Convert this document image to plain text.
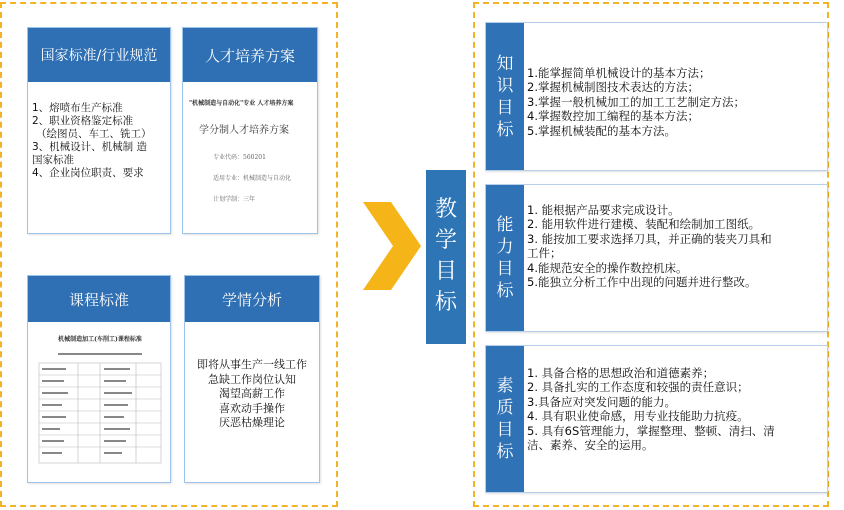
国家标准/行业规范
1、熔喷布生产标准
2、职业资格鉴定标准
（绘图员、车工、铣工）
3、机械设计、机械制 造
国家标准
4、企业岗位职责、要求
人才培养方案
"机械制造与自动化"专业 人才培养方案
学分制人才培养方案
专业代码：560201
适用专业：机械制造与自动化
计划学制：三年
课程标准
机械制造加工(车削工)课程标准
学情分析
即将从事生产一线工作
急缺工作岗位认知
渴望高薪工作
喜欢动手操作
厌恶枯燥理论
教
学
目
标
知
识
目
标
1.能掌握简单机械设计的基本方法；
2.掌握机械制图技术表达的方法；
3.掌握一般机械加工的加工工艺制定方法；
4.掌握数控加工编程的基本方法；
5.掌握机械装配的基本方法。
能
力
目
标
1. 能根据产品要求完成设计。
2. 能用软件进行建模、装配和绘制加工图纸。
3. 能按加工要求选择刀具，并正确的装夹刀具和
工件；
4.能规范安全的操作数控机床。
5.能独立分析工作中出现的问题并进行整改。
素
质
目
标
1. 具备合格的思想政治和道德素养；
2. 具备扎实的工作态度和较强的责任意识；
3.具备应对突发问题的能力。
4. 具有职业使命感，用专业技能助力抗疫。
5. 具有6S管理能力，掌握整理、整顿、清扫、清
洁、素养、安全的运用。
